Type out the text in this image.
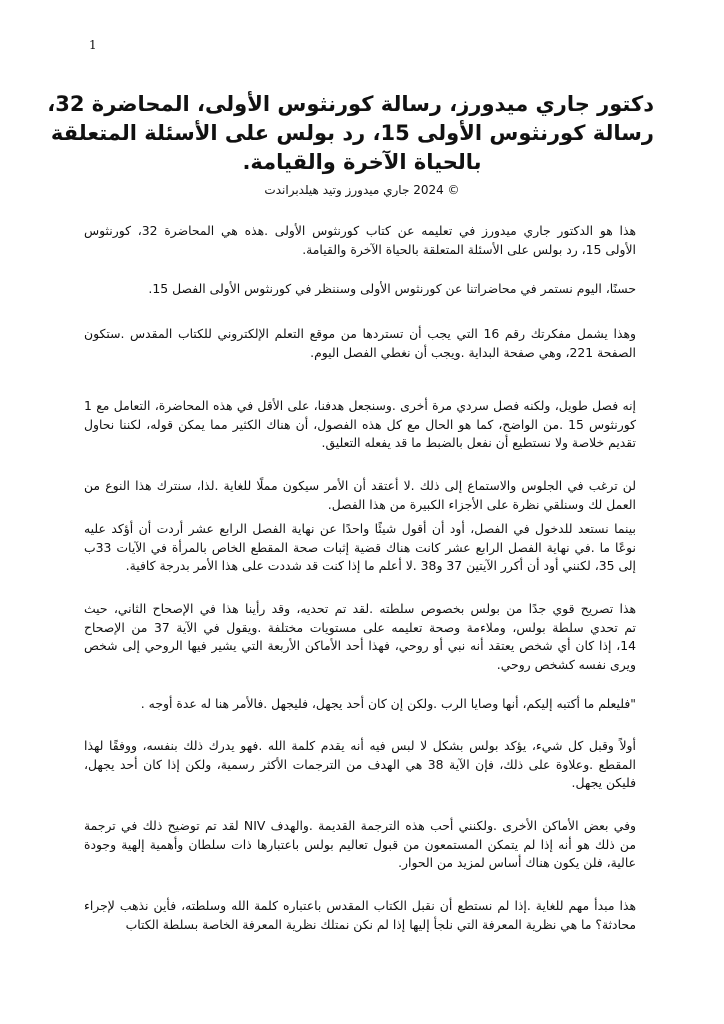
1
دكتور جاري ميدورز، رسالة كورنثوس الأولى، المحاضرة 32،
رسالة كورنثوس الأولى 15، رد بولس على الأسئلة المتعلقة
بالحياة الآخرة والقيامة.
© 2024 جاري ميدورز وتيد هيلدبراندت
هذا هو الدكتور جاري ميدورز في تعليمه عن كتاب كورنثوس الأولى .هذه هي المحاضرة 32، كورنثوس
الأولى 15، رد بولس على الأسئلة المتعلقة بالحياة الآخرة والقيامة.
حسنًا، اليوم نستمر في محاضراتنا عن كورنثوس الأولى وسننظر في كورنثوس الأولى الفصل 15.
وهذا يشمل مفكرتك رقم 16 التي يجب أن تستردها من موقع التعلم الإلكتروني للكتاب المقدس .ستكون
الصفحة 221، وهي صفحة البداية .ويجب أن نغطي الفصل اليوم.
إنه فصل طويل، ولكنه فصل سردي مرة أخرى .وسنجعل هدفنا، على الأقل في هذه المحاضرة، التعامل مع 1
كورنثوس 15 .من الواضح، كما هو الحال مع كل هذه الفصول، أن هناك الكثير مما يمكن قوله، لكننا نحاول
تقديم خلاصة ولا نستطيع أن نفعل بالضبط ما قد يفعله التعليق.
لن ترغب في الجلوس والاستماع إلى ذلك .لا أعتقد أن الأمر سيكون مملًا للغاية .لذا، سنترك هذا النوع من
العمل لك وسنلقي نظرة على الأجزاء الكبيرة من هذا الفصل.
بينما نستعد للدخول في الفصل، أود أن أقول شيئًا واحدًا عن نهاية الفصل الرابع عشر أردت أن أؤكد عليه
نوعًا ما .في نهاية الفصل الرابع عشر كانت هناك قضية إثبات صحة المقطع الخاص بالمرأة في الآيات 33ب
إلى 35، لكنني أود أن أكرر الآيتين 37 و38 .لا أعلم ما إذا كنت قد شددت على هذا الأمر بدرجة كافية.
هذا تصريح قوي جدًا من بولس بخصوص سلطته .لقد تم تحديه، وقد رأينا هذا في الإصحاح الثاني، حيث
تم تحدي سلطة بولس، وملاءمة وصحة تعليمه على مستويات مختلفة .ويقول في الآية 37 من الإصحاح
14، إذا كان أي شخص يعتقد أنه نبي أو روحي، فهذا أحد الأماكن الأربعة التي يشير فيها الروحي إلى شخص
ويرى نفسه كشخص روحي.
"فليعلم ما أكتبه إليكم، أنها وصايا الرب .ولكن إن كان أحد يجهل، فليجهل .فالأمر هنا له عدة أوجه .
أولاً وقبل كل شيء، يؤكد بولس بشكل لا لبس فيه أنه يقدم كلمة الله .فهو يدرك ذلك بنفسه، ووفقًا لهذا
المقطع .وعلاوة على ذلك، فإن الآية 38 هي الهدف من الترجمات الأكثر رسمية، ولكن إذا كان أحد يجهل،
فليكن يجهل.
وفي بعض الأماكن الأخرى .ولكنني أحب هذه الترجمة القديمة .والهدف NIV لقد تم توضيح ذلك في ترجمة
من ذلك هو أنه إذا لم يتمكن المستمعون من قبول تعاليم بولس باعتبارها ذات سلطان وأهمية إلهية وجودة
عالية، فلن يكون هناك أساس لمزيد من الحوار.
هذا مبدأ مهم للغاية .إذا لم نستطع أن نقبل الكتاب المقدس باعتباره كلمة الله وسلطته، فأين نذهب لإجراء
محادثة؟ ما هي نظرية المعرفة التي نلجأ إليها إذا لم نكن نمتلك نظرية المعرفة الخاصة بسلطة الكتاب
